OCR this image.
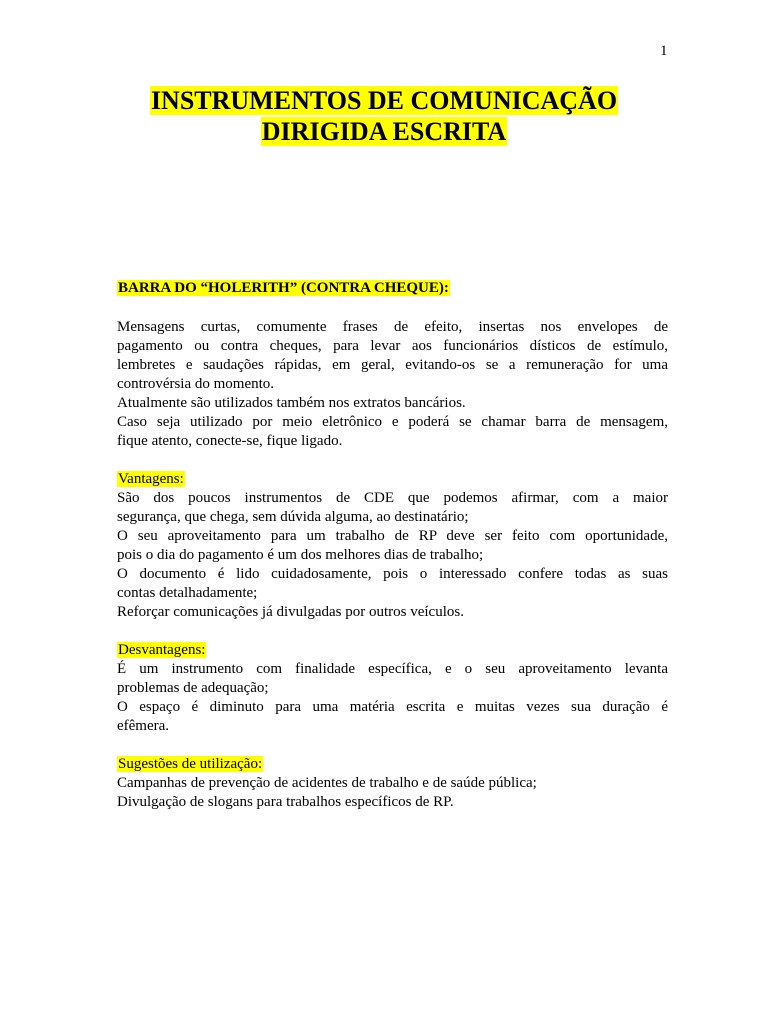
1
INSTRUMENTOS DE COMUNICAÇÃO
DIRIGIDA ESCRITA

BARRA DO “HOLERITH” (CONTRA CHEQUE):

Mensagens curtas, comumente frases de efeito, insertas nos envelopes de
pagamento ou contra cheques, para levar aos funcionários dísticos de estímulo,
lembretes e saudações rápidas, em geral, evitando-os se a remuneração for uma
controvérsia do momento.
Atualmente são utilizados também nos extratos bancários.
Caso seja utilizado por meio eletrônico e poderá se chamar barra de mensagem,
fique atento, conecte-se, fique ligado.

Vantagens:

São dos poucos instrumentos de CDE que podemos afirmar, com a maior
segurança, que chega, sem dúvida alguma, ao destinatário;
O seu aproveitamento para um trabalho de RP deve ser feito com oportunidade,
pois o dia do pagamento é um dos melhores dias de trabalho;
O documento é lido cuidadosamente, pois o interessado confere todas as suas
contas detalhadamente;
Reforçar comunicações já divulgadas por outros veículos.

Desvantagens:

É um instrumento com finalidade específica, e o seu aproveitamento levanta
problemas de adequação;
O espaço é diminuto para uma matéria escrita e muitas vezes sua duração é
efêmera.

Sugestões de utilização:

Campanhas de prevenção de acidentes de trabalho e de saúde pública;
Divulgação de slogans para trabalhos específicos de RP.
